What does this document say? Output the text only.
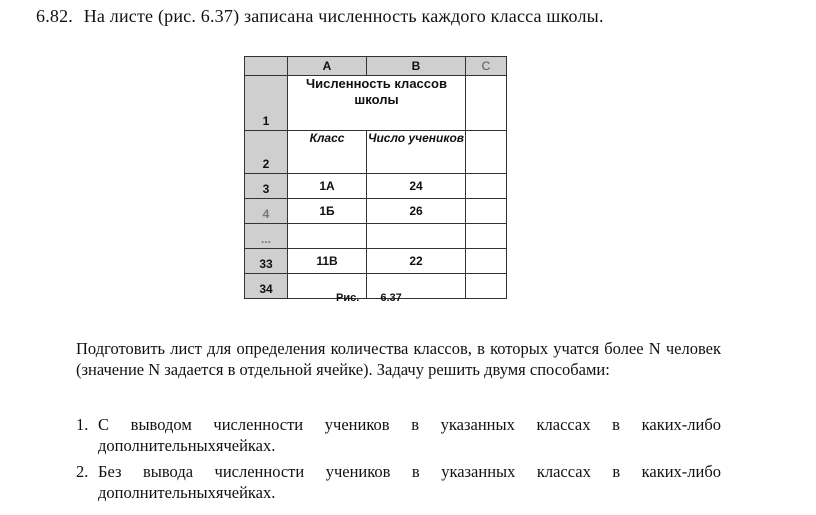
6.82. На листе (рис. 6.37) записана численность каждого класса школы.
	A	B	C
1	Численность классов школы		
2	Класс	Число учеников	
3	1А	24	
4	1Б	26	
...			
33	11В	22	
34			
Рис. 6.37

Подготовить лист для определения количества классов, в которых учатся более N человек (значение N задается в отдельной ячейке). Задачу решить двумя способами:

1. С выводом численности учеников в указанных классах в каких-либо дополнительныхячейках.
2. Без вывода численности учеников в указанных классах в каких-либо дополнительныхячейках.
